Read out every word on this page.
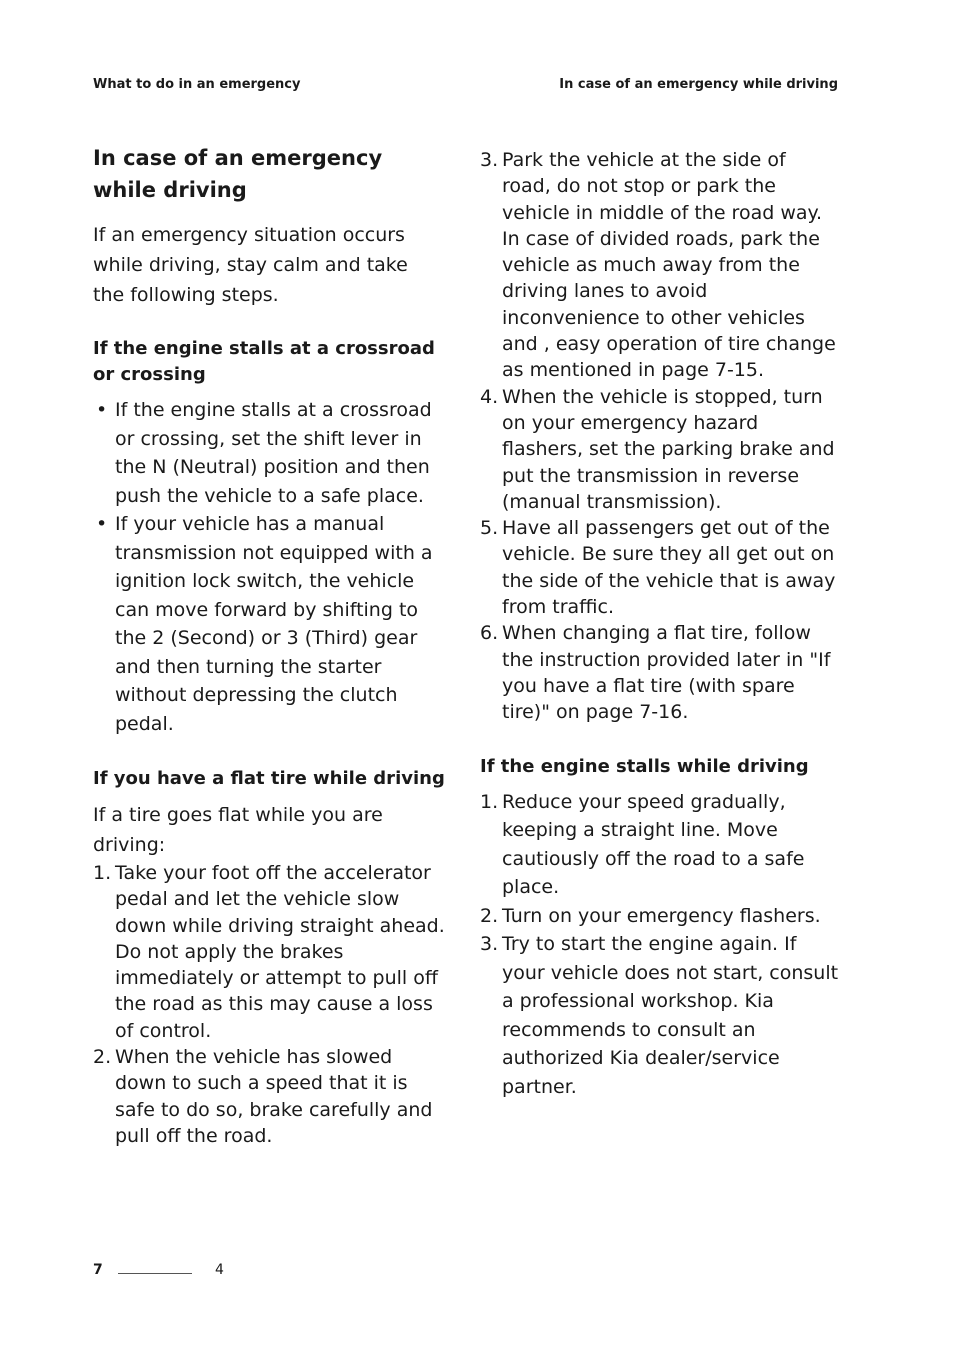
What to do in an emergency	In case of an emergency while driving
In case of an emergency while driving

If an emergency situation occurs while driving, stay calm and take the following steps.

If the engine stalls at a crossroad or crossing
• If the engine stalls at a crossroad or crossing, set the shift lever in the N (Neutral) position and then push the vehicle to a safe place.
• If your vehicle has a manual transmission not equipped with a ignition lock switch, the vehicle can move forward by shifting to the 2 (Second) or 3 (Third) gear and then turning the starter without depressing the clutch pedal.
If you have a flat tire while driving

If a tire goes flat while you are driving:

1. Take your foot off the accelerator pedal and let the vehicle slow down while driving straight ahead. Do not apply the brakes immediately or attempt to pull off the road as this may cause a loss of control.
2. When the vehicle has slowed down to such a speed that it is safe to do so, brake carefully and pull off the road.
3. Park the vehicle at the side of road, do not stop or park the vehicle in middle of the road way. In case of divided roads, park the vehicle as much away from the driving lanes to avoid inconvenience to other vehicles and , easy operation of tire change as mentioned in page 7-15.
4. When the vehicle is stopped, turn on your emergency hazard flashers, set the parking brake and put the transmission in reverse (manual transmission).
5. Have all passengers get out of the vehicle. Be sure they all get out on the side of the vehicle that is away from traffic.
6. When changing a flat tire, follow the instruction provided later in "If you have a flat tire (with spare tire)" on page 7-16.
If the engine stalls while driving
1. Reduce your speed gradually, keeping a straight line. Move cautiously off the road to a safe place.
2. Turn on your emergency flashers.
3. Try to start the engine again. If your vehicle does not start, consult a professional workshop. Kia recommends to consult an authorized Kia dealer/service partner.
7	4
